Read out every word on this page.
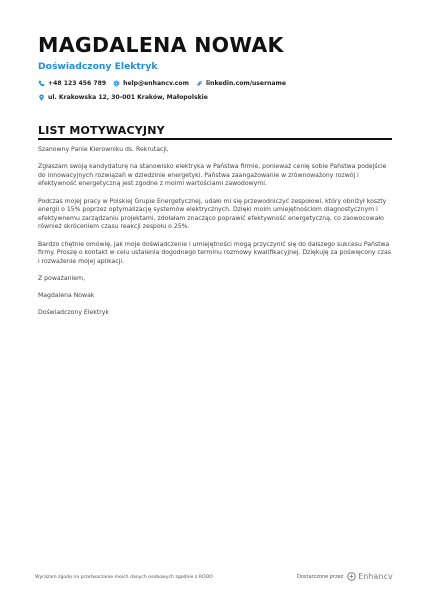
MAGDALENA NOWAK
Doświadczony Elektryk
+48 123 456 789	help@enhancv.com	linkedin.com/username
ul. Krakowska 12, 30-001 Kraków, Małopolskie
LIST MOTYWACYJNY

Szanowny Panie Kierowniku ds. Rekrutacji,

Zgłaszam swoją kandydaturę na stanowisko elektryka w Państwa firmie, ponieważ cenię sobie Państwa podejście do innowacyjnych rozwiązań w dziedzinie energetyki. Państwa zaangażowanie w zrównoważony rozwój i efektywność energetyczną jest zgodne z moimi wartościami zawodowymi.

Podczas mojej pracy w Polskiej Grupie Energetycznej, udało mi się przewodniczyć zespołowi, który obniżył koszty energii o 15% poprzez optymalizację systemów elektrycznych. Dzięki moim umiejętnościom diagnostycznym i efektywnemu zarządzaniu projektami, zdołałam znacząco poprawić efektywność energetyczną, co zaowocowało również skróceniem czasu reakcji zespołu o 25%.

Bardzo chętnie omówię, jak moje doświadczenie i umiejętności mogą przyczynić się do dalszego sukcesu Państwa firmy. Proszę o kontakt w celu ustalenia dogodnego terminu rozmowy kwalifikacyjnej. Dziękuję za poświęcony czas i rozważenie mojej aplikacji.

Z poważaniem,

Magdalena Nowak

Doświadczony Elektryk

Wyrażam zgodę na przetwarzanie moich danych osobowych zgodnie z RODO	Dostarczone przez Enhancv
